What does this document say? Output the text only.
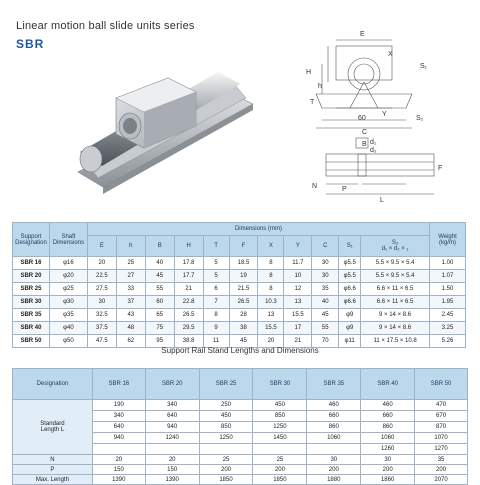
Linear motion ball slide units series
SBR
E
X
S₁
H
T
h
60
Y
C
S₂
B d₁
d₂
N	P
L
F
Support
Designation	Shaft
Dimensions	Dimensions (mm)											Weight
(kg/m)
		E	h	B	H	T	F	X	Y	C	S₁	S₂
d₁ × d₂ × ₁	
SBR 16	φ16	20	25	40	17.8	5	18.5	8	11.7	30	φ5.5	5.5 × 9.5 × 5.4	1.00
SBR 20	φ20	22.5	27	45	17.7	5	19	8	10	30	φ5.5	5.5 × 9.5 × 5.4	1.07
SBR 25	φ25	27.5	33	55	21	6	21.5	8	12	35	φ6.6	6.6 × 11 × 6.5	1.50
SBR 30	φ30	30	37	60	22.8	7	26.5	10.3	13	40	φ6.6	6.6 × 11 × 6.5	1.95
SBR 35	φ35	32.5	43	65	26.5	8	28	13	15.5	45	φ9	9 × 14 × 8.6	2.45
SBR 40	φ40	37.5	48	75	29.5	9	38	15.5	17	55	φ9	9 × 14 × 8.6	3.25
SBR 50	φ50	47.5	62	95	38.8	11	45	20	21	70	φ11	11 × 17.5 × 10.8	5.26
Support Rail Stand Lengths and Dimensions
Designation	SBR 16	SBR 20	SBR 25	SBR 30	SBR 35	SBR 40	SBR 50
Standard
Length L	190	340	250	450	460	460	470
	340	640	450	850	660	660	670
	640	940	850	1250	860	860	870
	940	1240	1250	1450	1060	1060	1070
						1260	1270
N	20	20	25	25	30	30	35
P	150	150	200	200	200	200	200
Max. Length	1390	1390	1850	1850	1880	1860	2070
